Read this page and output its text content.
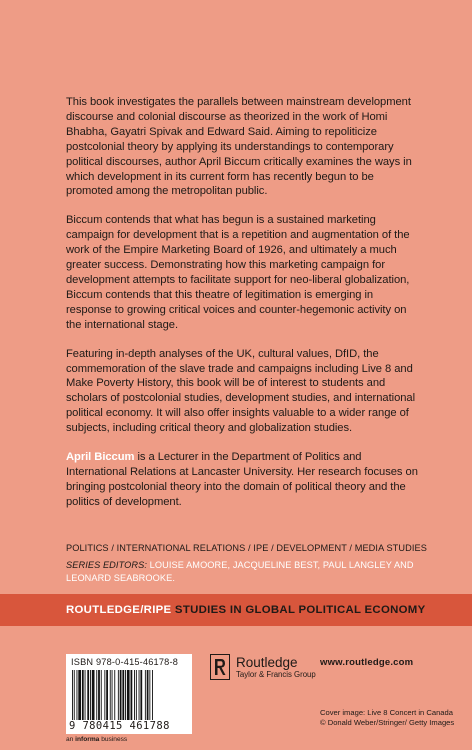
This book investigates the parallels between mainstream development discourse and colonial discourse as theorized in the work of Homi Bhabha, Gayatri Spivak and Edward Said. Aiming to repoliticize postcolonial theory by applying its understandings to contemporary political discourses, author April Biccum critically examines the ways in which development in its current form has recently begun to be promoted among the metropolitan public.

Biccum contends that what has begun is a sustained marketing campaign for development that is a repetition and augmentation of the work of the Empire Marketing Board of 1926, and ultimately a much greater success. Demonstrating how this marketing campaign for development attempts to facilitate support for neo-liberal globalization, Biccum contends that this theatre of legitimation is emerging in response to growing critical voices and counter-hegemonic activity on the international stage.

Featuring in-depth analyses of the UK, cultural values, DfID, the commemoration of the slave trade and campaigns including Live 8 and Make Poverty History, this book will be of interest to students and scholars of postcolonial studies, development studies, and international political economy. It will also offer insights valuable to a wider range of subjects, including critical theory and globalization studies.

April Biccum is a Lecturer in the Department of Politics and International Relations at Lancaster University. Her research focuses on bringing postcolonial theory into the domain of political theory and the politics of development.

POLITICS / INTERNATIONAL RELATIONS / IPE / DEVELOPMENT / MEDIA STUDIES
SERIES EDITORS: LOUISE AMOORE, JACQUELINE BEST, PAUL LANGLEY AND LEONARD SEABROOKE.
ROUTLEDGE/RIPE STUDIES IN GLOBAL POLITICAL ECONOMY
ISBN 978-0-415-46178-8
9 780415 461788
an informa business
Routledge
Taylor & Francis Group
www.routledge.com
Cover image: Live 8 Concert in Canada
© Donald Weber/Stringer/ Getty Images
